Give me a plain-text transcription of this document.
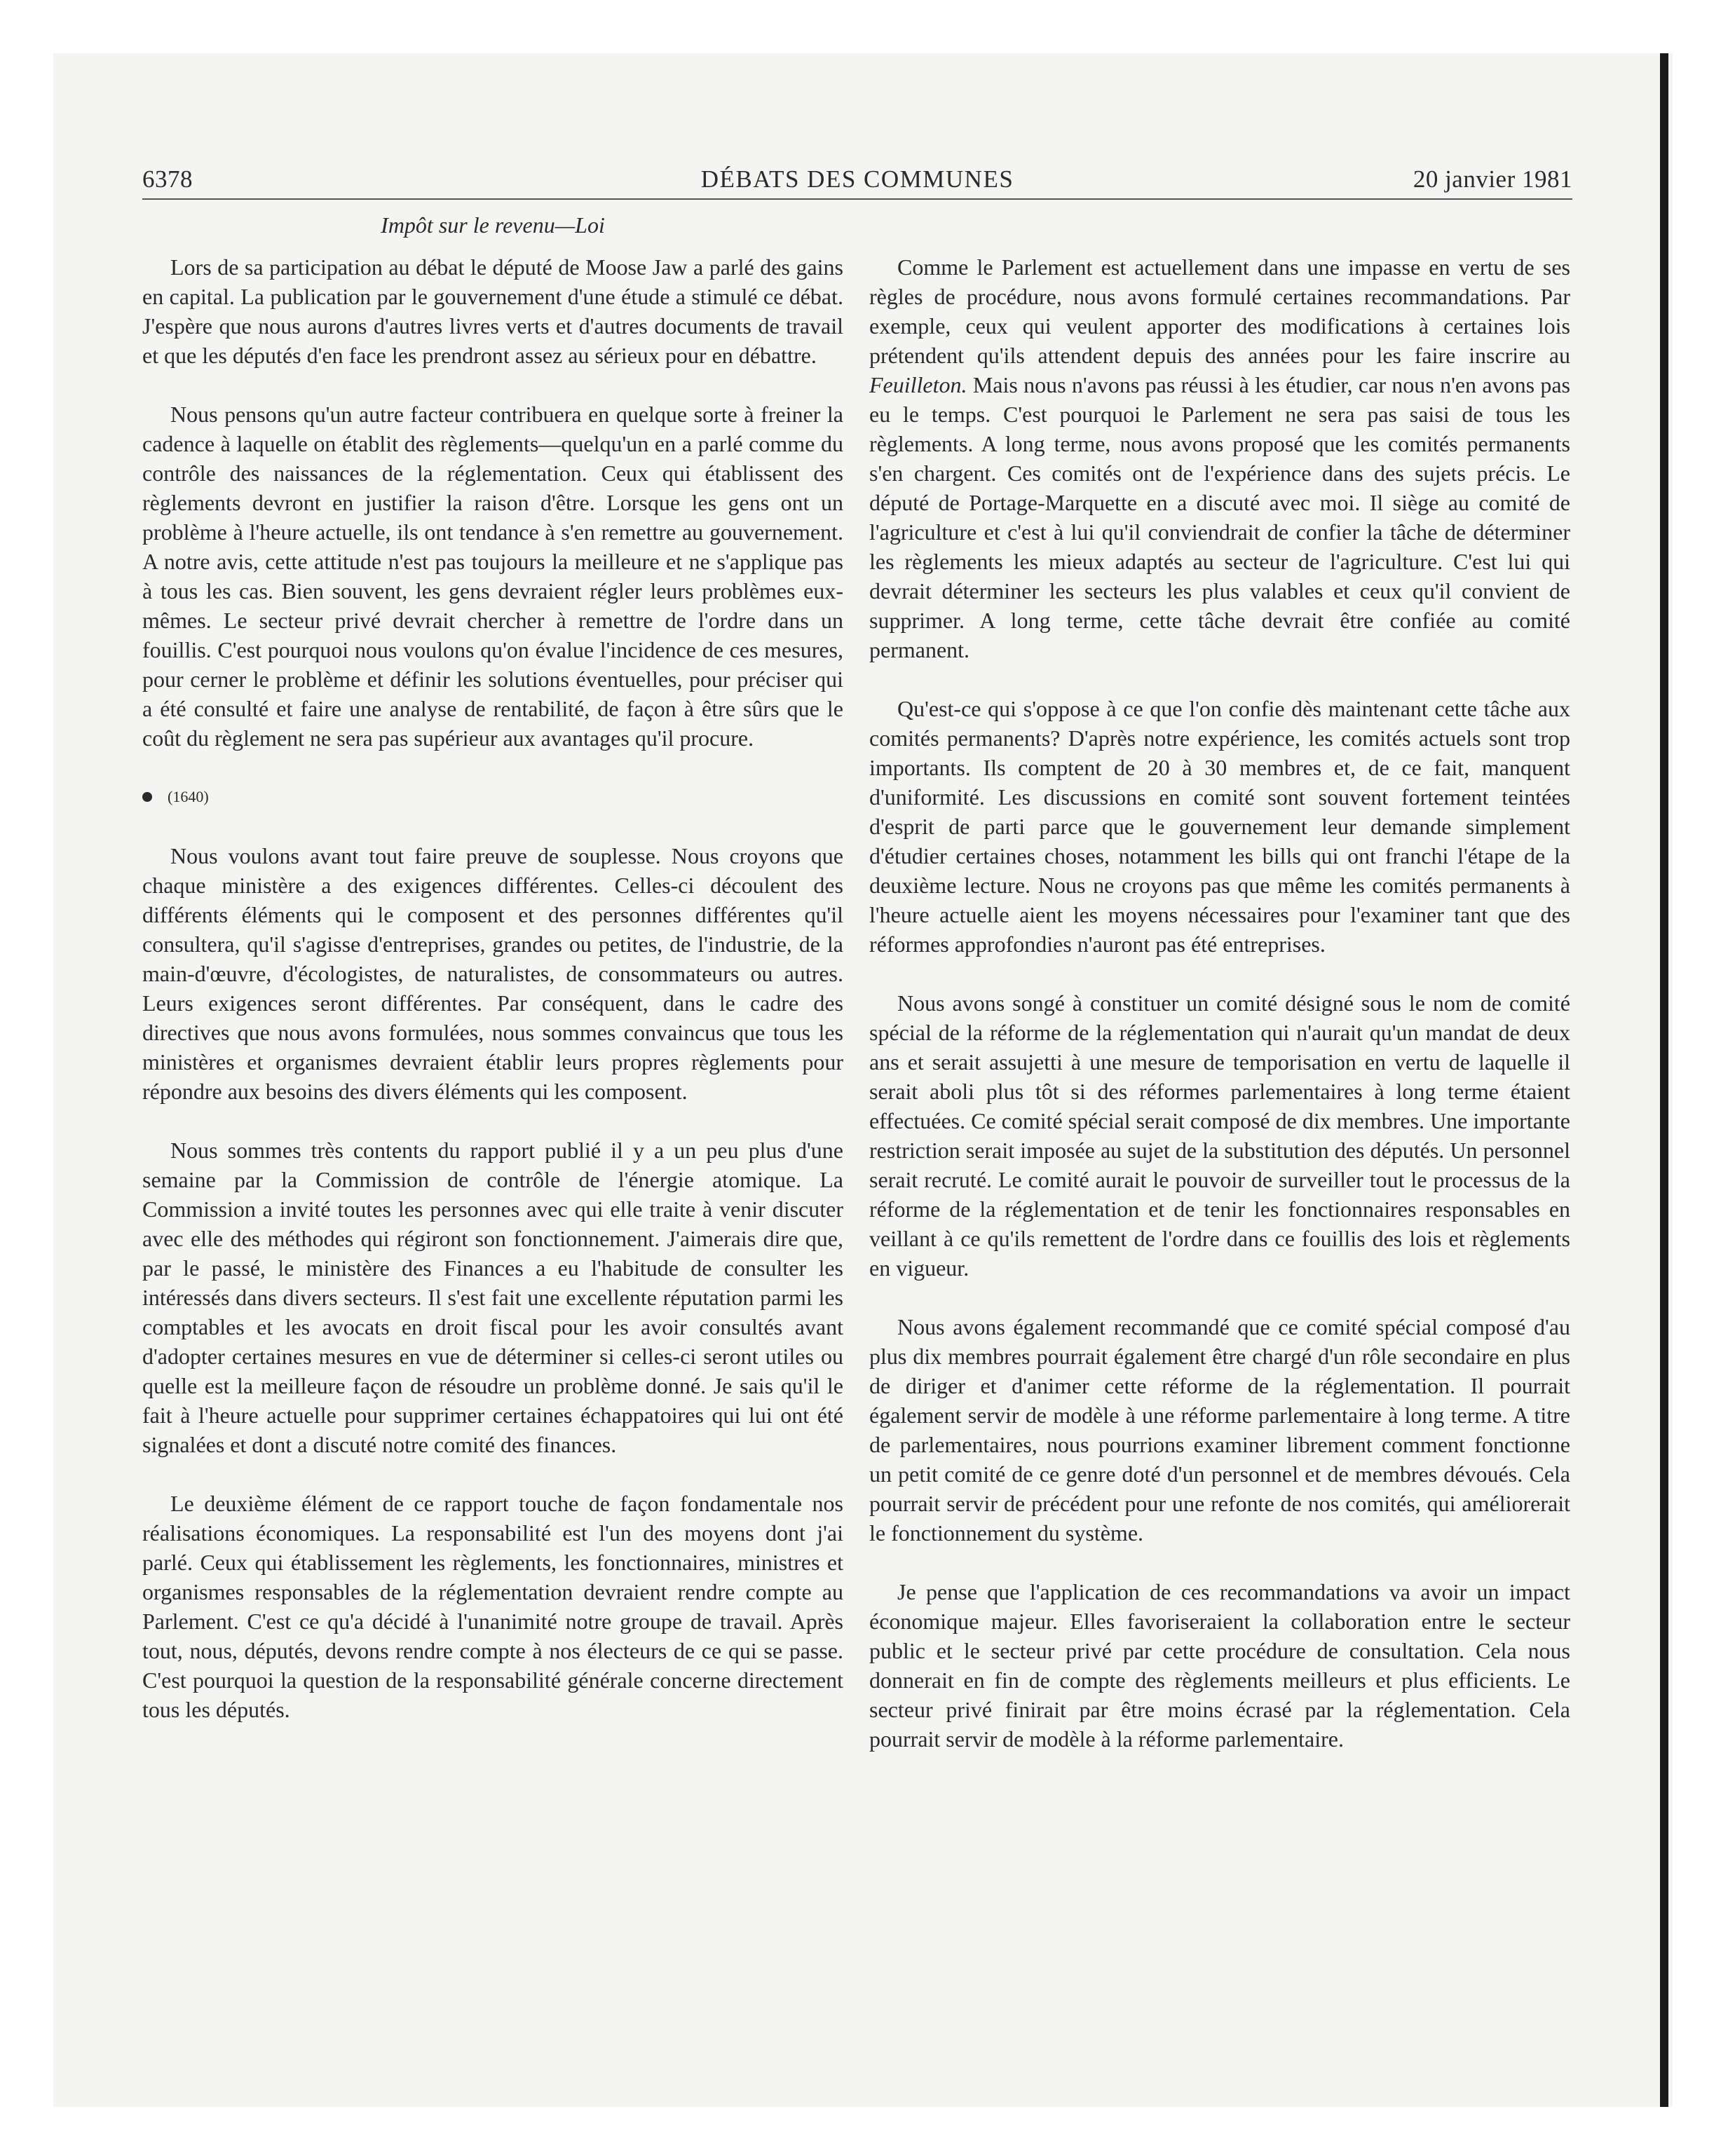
6378	DÉBATS DES COMMUNES	20 janvier 1981
Impôt sur le revenu—Loi

Lors de sa participation au débat le député de Moose Jaw a parlé des gains en capital. La publication par le gouvernement d'une étude a stimulé ce débat. J'espère que nous aurons d'autres livres verts et d'autres documents de travail et que les députés d'en face les prendront assez au sérieux pour en débattre.

Nous pensons qu'un autre facteur contribuera en quelque sorte à freiner la cadence à laquelle on établit des règlements—quelqu'un en a parlé comme du contrôle des naissances de la réglementation. Ceux qui établissent des règlements devront en justifier la raison d'être. Lorsque les gens ont un problème à l'heure actuelle, ils ont tendance à s'en remettre au gouvernement. A notre avis, cette attitude n'est pas toujours la meilleure et ne s'applique pas à tous les cas. Bien souvent, les gens devraient régler leurs problèmes eux-mêmes. Le secteur privé devrait chercher à remettre de l'ordre dans un fouillis. C'est pourquoi nous voulons qu'on évalue l'incidence de ces mesures, pour cerner le problème et définir les solutions éventuelles, pour préciser qui a été consulté et faire une analyse de rentabilité, de façon à être sûrs que le coût du règlement ne sera pas supérieur aux avantages qu'il procure.

(1640)

Nous voulons avant tout faire preuve de souplesse. Nous croyons que chaque ministère a des exigences différentes. Celles-ci découlent des différents éléments qui le composent et des personnes différentes qu'il consultera, qu'il s'agisse d'entreprises, grandes ou petites, de l'industrie, de la main-d'œuvre, d'écologistes, de naturalistes, de consommateurs ou autres. Leurs exigences seront différentes. Par conséquent, dans le cadre des directives que nous avons formulées, nous sommes convaincus que tous les ministères et organismes devraient établir leurs propres règlements pour répondre aux besoins des divers éléments qui les composent.

Nous sommes très contents du rapport publié il y a un peu plus d'une semaine par la Commission de contrôle de l'énergie atomique. La Commission a invité toutes les personnes avec qui elle traite à venir discuter avec elle des méthodes qui régiront son fonctionnement. J'aimerais dire que, par le passé, le ministère des Finances a eu l'habitude de consulter les intéressés dans divers secteurs. Il s'est fait une excellente réputation parmi les comptables et les avocats en droit fiscal pour les avoir consultés avant d'adopter certaines mesures en vue de déterminer si celles-ci seront utiles ou quelle est la meilleure façon de résoudre un problème donné. Je sais qu'il le fait à l'heure actuelle pour supprimer certaines échappatoires qui lui ont été signalées et dont a discuté notre comité des finances.

Le deuxième élément de ce rapport touche de façon fondamentale nos réalisations économiques. La responsabilité est l'un des moyens dont j'ai parlé. Ceux qui établissement les règlements, les fonctionnaires, ministres et organismes responsables de la réglementation devraient rendre compte au Parlement. C'est ce qu'a décidé à l'unanimité notre groupe de travail. Après tout, nous, députés, devons rendre compte à nos électeurs de ce qui se passe. C'est pourquoi la question de la responsabilité générale concerne directement tous les députés.

Comme le Parlement est actuellement dans une impasse en vertu de ses règles de procédure, nous avons formulé certaines recommandations. Par exemple, ceux qui veulent apporter des modifications à certaines lois prétendent qu'ils attendent depuis des années pour les faire inscrire au Feuilleton. Mais nous n'avons pas réussi à les étudier, car nous n'en avons pas eu le temps. C'est pourquoi le Parlement ne sera pas saisi de tous les règlements. A long terme, nous avons proposé que les comités permanents s'en chargent. Ces comités ont de l'expérience dans des sujets précis. Le député de Portage-Marquette en a discuté avec moi. Il siège au comité de l'agriculture et c'est à lui qu'il conviendrait de confier la tâche de déterminer les règlements les mieux adaptés au secteur de l'agriculture. C'est lui qui devrait déterminer les secteurs les plus valables et ceux qu'il convient de supprimer. A long terme, cette tâche devrait être confiée au comité permanent.

Qu'est-ce qui s'oppose à ce que l'on confie dès maintenant cette tâche aux comités permanents? D'après notre expérience, les comités actuels sont trop importants. Ils comptent de 20 à 30 membres et, de ce fait, manquent d'uniformité. Les discussions en comité sont souvent fortement teintées d'esprit de parti parce que le gouvernement leur demande simplement d'étudier certaines choses, notamment les bills qui ont franchi l'étape de la deuxième lecture. Nous ne croyons pas que même les comités permanents à l'heure actuelle aient les moyens nécessaires pour l'examiner tant que des réformes approfondies n'auront pas été entreprises.

Nous avons songé à constituer un comité désigné sous le nom de comité spécial de la réforme de la réglementation qui n'aurait qu'un mandat de deux ans et serait assujetti à une mesure de temporisation en vertu de laquelle il serait aboli plus tôt si des réformes parlementaires à long terme étaient effectuées. Ce comité spécial serait composé de dix membres. Une importante restriction serait imposée au sujet de la substitution des députés. Un personnel serait recruté. Le comité aurait le pouvoir de surveiller tout le processus de la réforme de la réglementation et de tenir les fonctionnaires responsables en veillant à ce qu'ils remettent de l'ordre dans ce fouillis des lois et règlements en vigueur.

Nous avons également recommandé que ce comité spécial composé d'au plus dix membres pourrait également être chargé d'un rôle secondaire en plus de diriger et d'animer cette réforme de la réglementation. Il pourrait également servir de modèle à une réforme parlementaire à long terme. A titre de parlementaires, nous pourrions examiner librement comment fonctionne un petit comité de ce genre doté d'un personnel et de membres dévoués. Cela pourrait servir de précédent pour une refonte de nos comités, qui améliorerait le fonctionnement du système.

Je pense que l'application de ces recommandations va avoir un impact économique majeur. Elles favoriseraient la collaboration entre le secteur public et le secteur privé par cette procédure de consultation. Cela nous donnerait en fin de compte des règlements meilleurs et plus efficients. Le secteur privé finirait par être moins écrasé par la réglementation. Cela pourrait servir de modèle à la réforme parlementaire.
